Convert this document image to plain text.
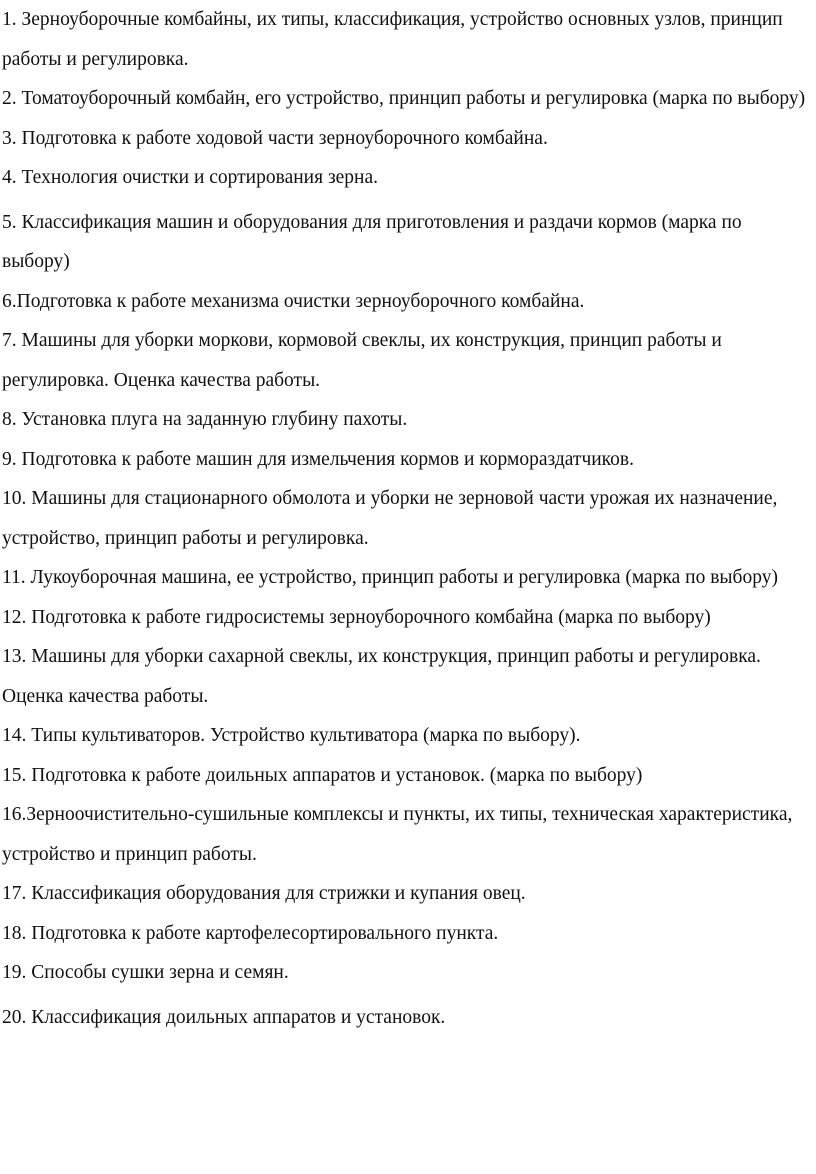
1. Зерноуборочные комбайны, их типы, классификация, устройство основных узлов, принцип работы и регулировка.
2. Томатоуборочный комбайн, его устройство, принцип работы и регулировка (марка по выбору)
3. Подготовка к работе ходовой части зерноуборочного комбайна.
4. Технология очистки и сортирования зерна.
5. Классификация машин и оборудования для приготовления и раздачи кормов (марка по выбору)
6.Подготовка к работе механизма очистки зерноуборочного комбайна.
7. Машины для уборки моркови, кормовой свеклы, их конструкция, принцип работы и регулировка. Оценка качества работы.
8. Установка плуга на заданную глубину пахоты.
9. Подготовка к работе машин для измельчения кормов и кормораздатчиков.
10. Машины для стационарного обмолота и уборки не зерновой части урожая их назначение, устройство, принцип работы и регулировка.
11. Лукоуборочная машина, ее устройство, принцип работы и регулировка (марка по выбору)
12. Подготовка к работе гидросистемы зерноуборочного комбайна (марка по выбору)
13. Машины для уборки сахарной свеклы, их конструкция, принцип работы и регулировка. Оценка качества работы.
14. Типы культиваторов. Устройство культиватора (марка по выбору).
15. Подготовка к работе доильных аппаратов и установок. (марка по выбору)
16.Зерноочистительно-сушильные комплексы и пункты, их типы, техническая характеристика, устройство и принцип работы.
17. Классификация оборудования для стрижки и купания овец.
18. Подготовка к работе картофелесортировального пункта.
19. Способы сушки зерна и семян.
20. Классификация доильных аппаратов и установок.
